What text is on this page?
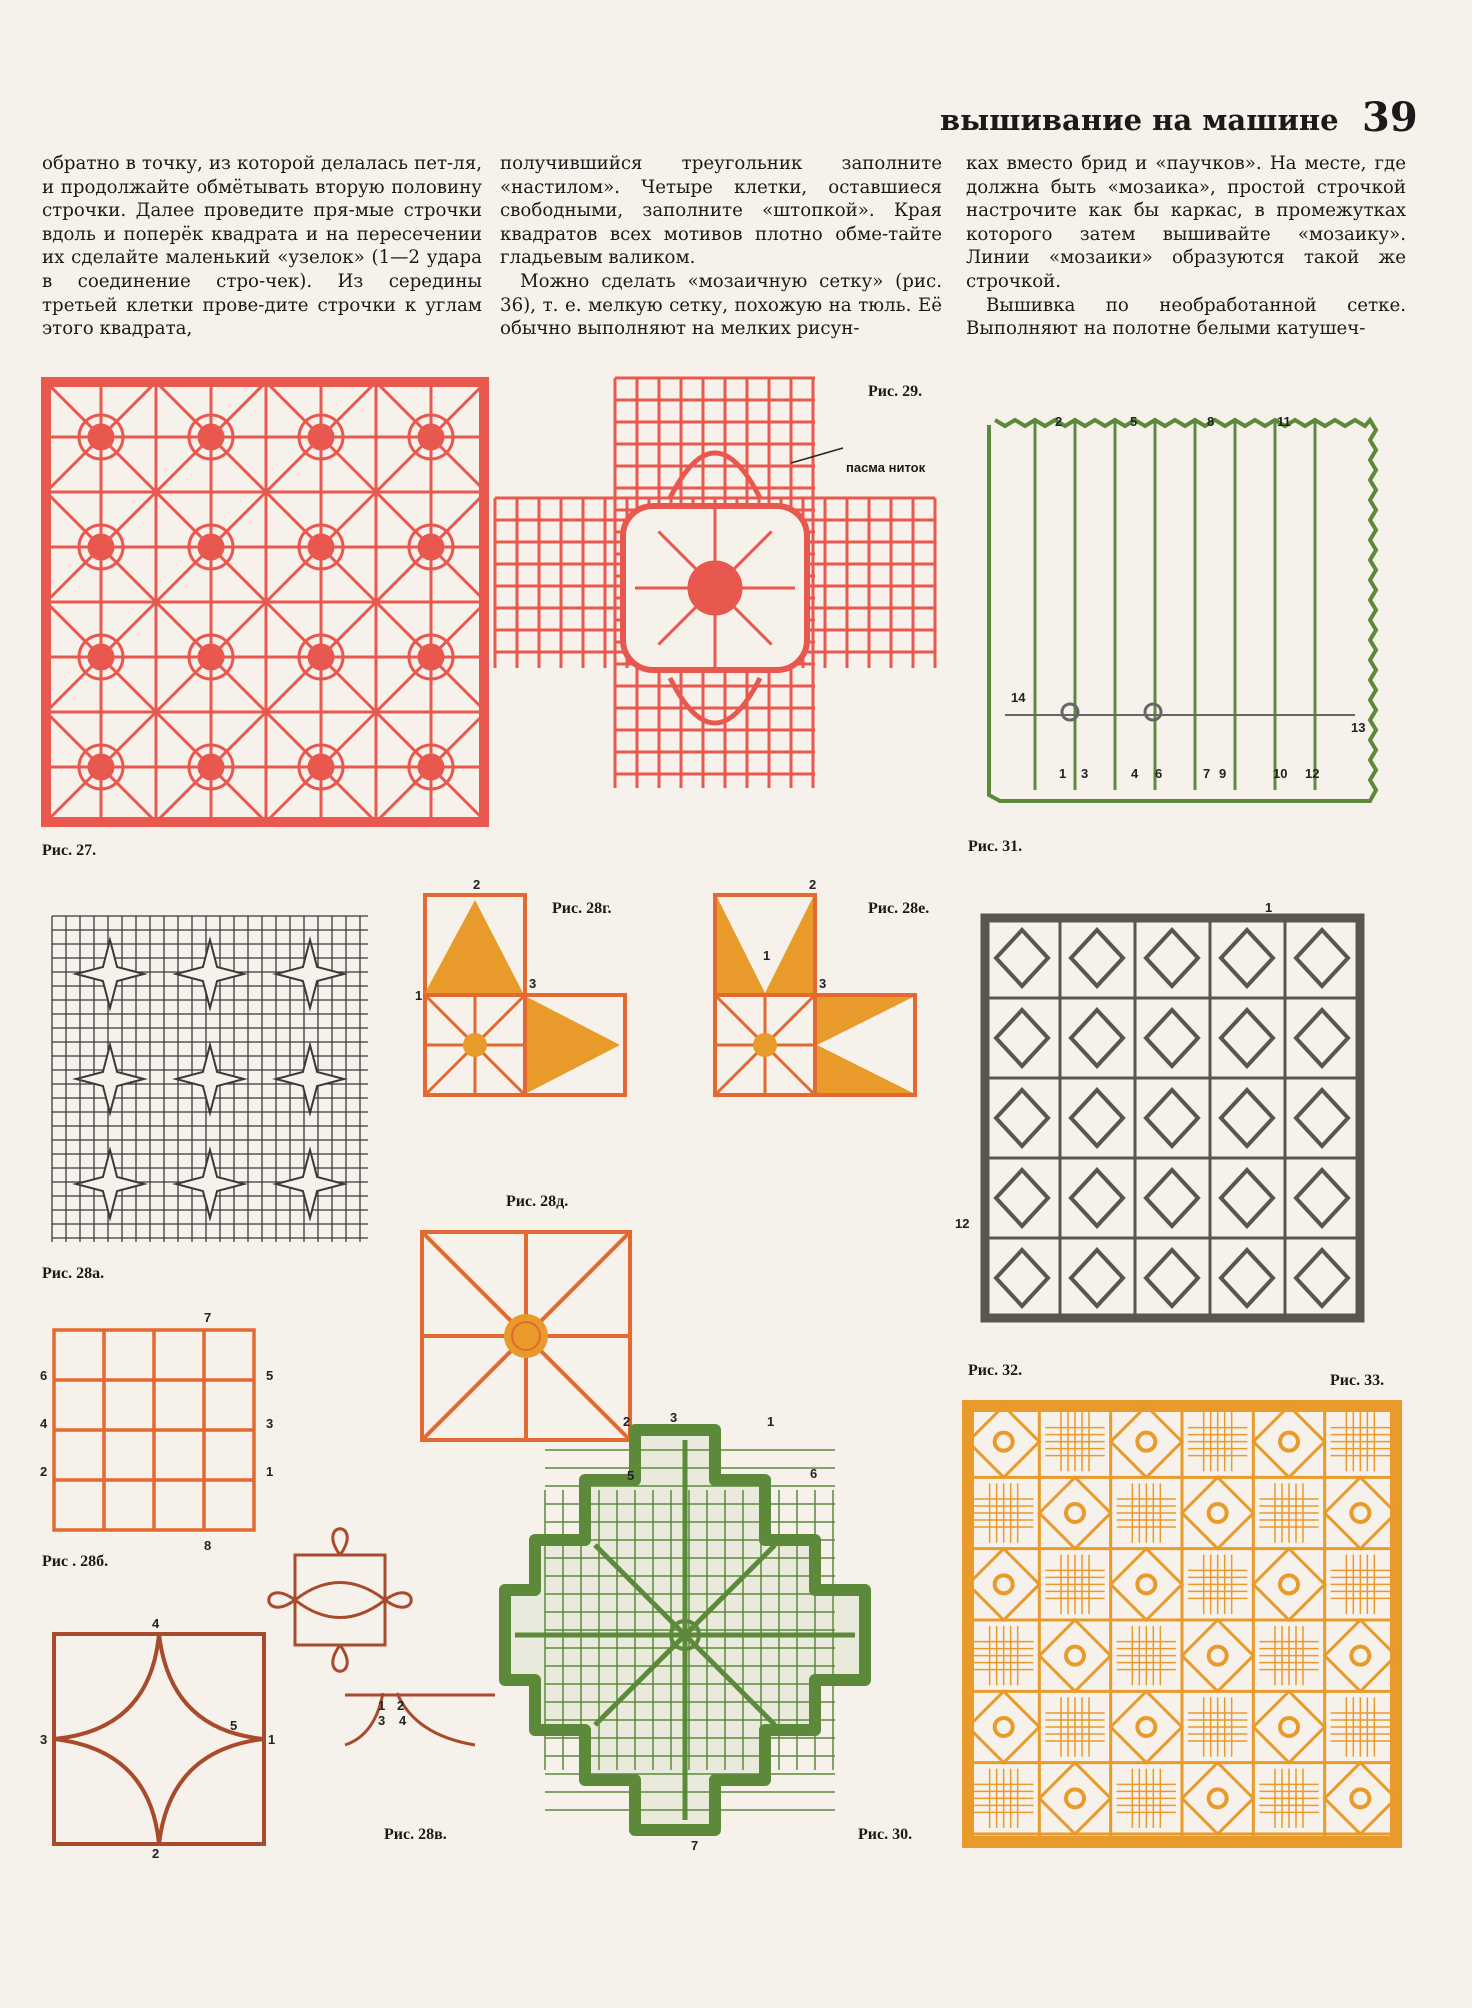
вышивание на машине 39

обратно в точку, из которой делалась пет-ля, и продолжайте обмётывать вторую половину строчки. Далее проведите пря-мые строчки вдоль и поперёк квадрата и на пересечении их сделайте маленький «узелок» (1—2 удара в соединение стро-чек). Из середины третьей клетки прове-дите строчки к углам этого квадрата,

получившийся треугольник заполните «настилом». Четыре клетки, оставшиеся свободными, заполните «штопкой». Края квадратов всех мотивов плотно обме-тайте гладьевым валиком.

Можно сделать «мозаичную сетку» (рис. 36), т. е. мелкую сетку, похожую на тюль. Её обычно выполняют на мелких рисун-

ках вместо брид и «паучков». На месте, где должна быть «мозаика», простой строчкой настрочите как бы каркас, в промежутках которого затем вышивайте «мозаику». Линии «мозаики» образуются такой же строчкой.

Вышивка по необработанной сетке. Выполняют на полотне белыми катушеч-

Рис. 27.
Рис. 29.
пасма ниток
2	5	8	11
14
13
1 3	4 6	7 9	10 12
Рис. 31.
Рис. 28а.
2
1
3
Рис. 28г.
2
1
3
Рис. 28е.
Рис. 28д.
12
1
Рис. 32.
Рис. 33.
7
8
6	5
4	3
2	1
Рис . 28б.
1 2
3 4
4
3
5
1
2
Рис. 28в.
3
2	1
5	6
7
Рис. 30.
